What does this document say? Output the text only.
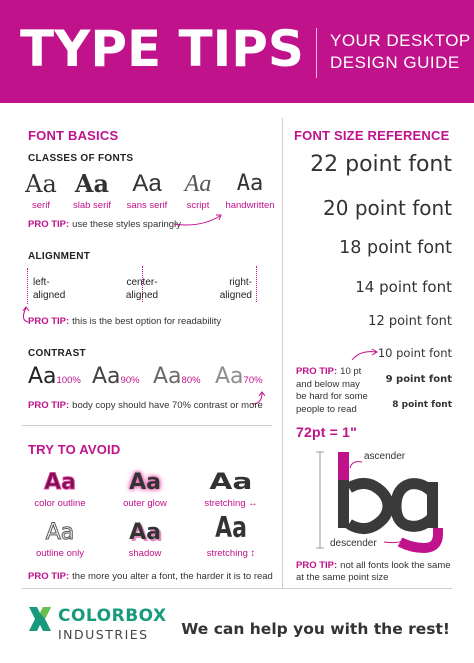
TYPE TIPS YOUR DESKTOP
DESIGN GUIDE
FONT BASICS
CLASSES OF FONTS
Aa
serif
Aa
slab serif
Aa
sans serif
Aa
script
Aa
handwritten
PRO TIP: use these styles sparingly
ALIGNMENT
left-
aligned
center-
aligned
right-
aligned
PRO TIP: this is the best option for readability
CONTRAST
Aa100% Aa90% Aa80% Aa70%
PRO TIP: body copy should have 70% contrast or more
TRY TO AVOID
Aa
color outline
Aa
outer glow
Aa
stretching ↔
Aa
outline only
Aa
shadow
Aa
stretching ↕
PRO TIP: the more you alter a font, the harder it is to read
FONT SIZE REFERENCE
22 point font
20 point font
18 point font
14 point font
12 point font
10 point font
9 point font
8 point font
PRO TIP: 10 pt
and below may
be hard for some
people to read
72pt = 1"
ascender
descender
PRO TIP: not all fonts look the same
at the same point size
COLORBOX
INDUSTRIES We can help you with the rest!
